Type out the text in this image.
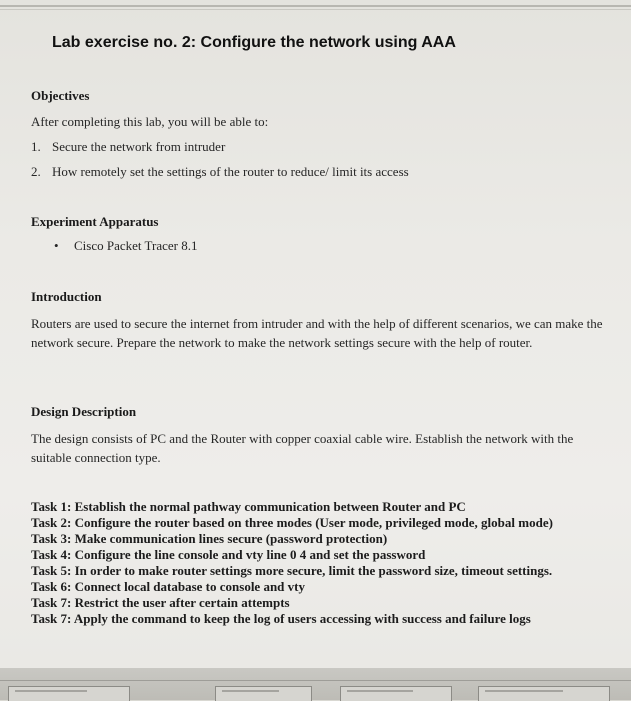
Lab exercise no. 2: Configure the network using AAA
Objectives
After completing this lab, you will be able to:
1. Secure the network from intruder
2. How remotely set the settings of the router to reduce/ limit its access
Experiment Apparatus
• Cisco Packet Tracer 8.1
Introduction
Routers are used to secure the internet from intruder and with the help of different scenarios, we can make the network secure. Prepare the network to make the network settings secure with the help of router.
Design Description
The design consists of PC and the Router with copper coaxial cable wire. Establish the network with the suitable connection type.
Task 1: Establish the normal pathway communication between Router and PC
Task 2: Configure the router based on three modes (User mode, privileged mode, global mode)
Task 3: Make communication lines secure (password protection)
Task 4: Configure the line console and vty line 0 4 and set the password
Task 5: In order to make router settings more secure, limit the password size, timeout settings.
Task 6: Connect local database to console and vty
Task 7: Restrict the user after certain attempts
Task 7: Apply the command to keep the log of users accessing with success and failure logs
